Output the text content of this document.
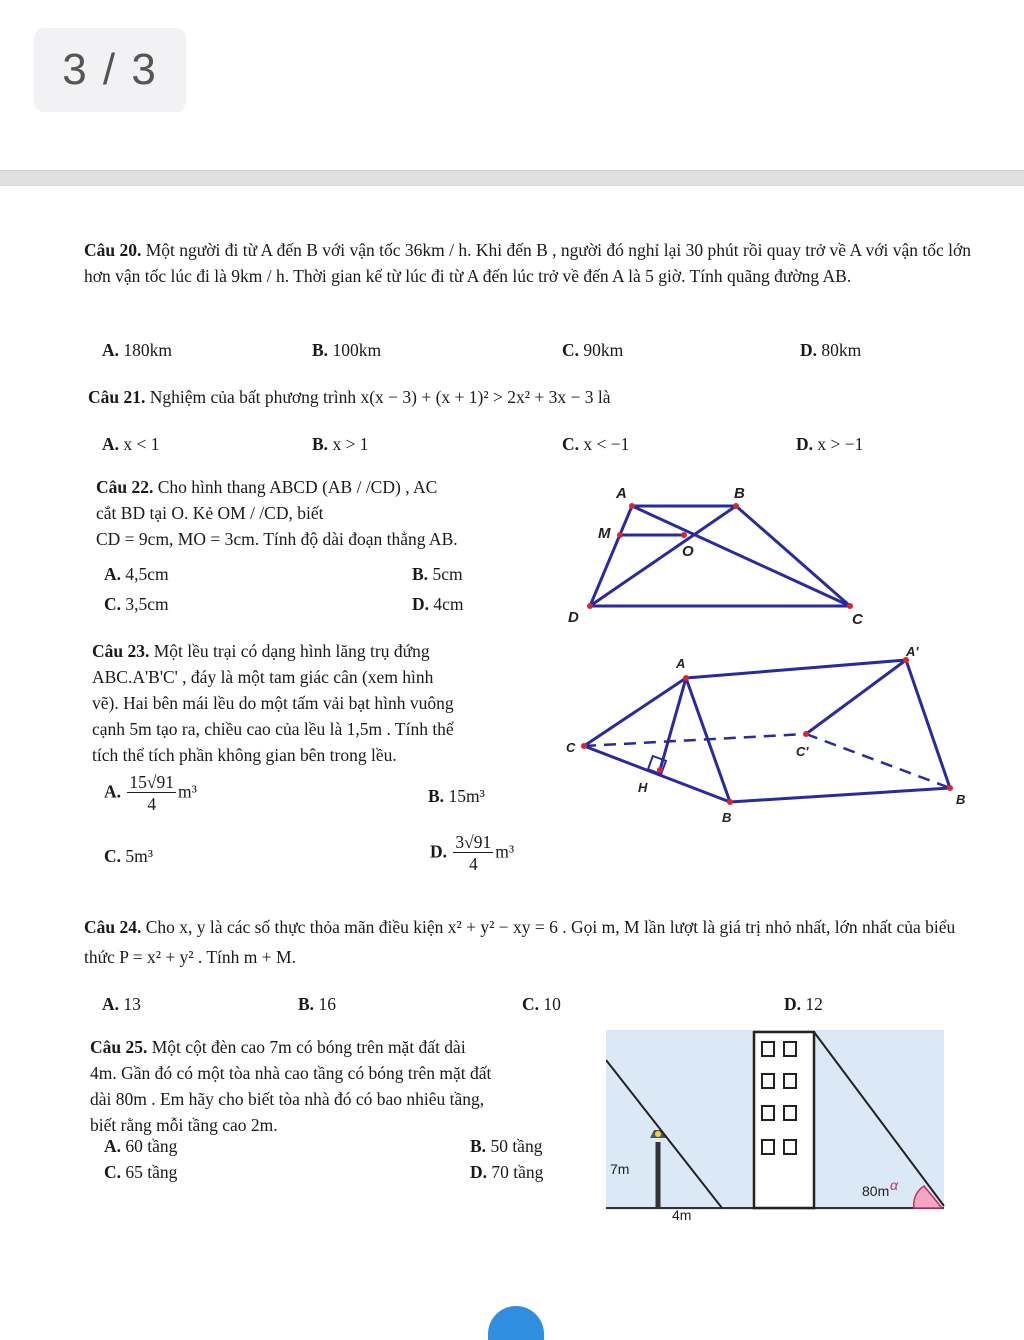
3 / 3
Câu 20. Một người đi từ A đến B với vận tốc 36km / h. Khi đến B , người đó nghỉ lại 30 phút rồi quay trở về A với vận tốc lớn hơn vận tốc lúc đi là 9km / h. Thời gian kể từ lúc đi từ A đến lúc trở về đến A là 5 giờ. Tính quãng đường AB.
A. 180km	B. 100km	C. 90km	D. 80km
Câu 21. Nghiệm của bất phương trình x(x − 3) + (x + 1)² > 2x² + 3x − 3 là
A. x < 1	B. x > 1	C. x < −1	D. x > −1
Câu 22. Cho hình thang ABCD (AB / /CD) , AC
cắt BD tại O. Kẻ OM / /CD, biết
CD = 9cm, MO = 3cm. Tính độ dài đoạn thẳng AB.
A. 4,5cm	B. 5cm
C. 3,5cm	D. 4cm
A	B
D	C
M
O
Câu 23. Một lều trại có dạng hình lăng trụ đứng
ABC.A'B'C' , đáy là một tam giác cân (xem hình
vẽ). Hai bên mái lều do một tấm vải bạt hình vuông
cạnh 5m tạo ra, chiều cao của lều là 1,5m . Tính thể
tích thể tích phần không gian bên trong lều.
A. $\frac{15√91}{4} m^3$	B. 15m³
C. 5m³	D. $\frac{3√91}{4} m^3$
A
A'
C	C'
H
B
B
Câu 24. Cho x, y là các số thực thỏa mãn điều kiện x² + y² − xy = 6 . Gọi m, M lần lượt là giá trị nhỏ nhất, lớn nhất của biểu thức P = x² + y² . Tính m + M.
A. 13	B. 16	C. 10	D. 12
Câu 25. Một cột đèn cao 7m có bóng trên mặt đất dài
4m. Gần đó có một tòa nhà cao tầng có bóng trên mặt đất
dài 80m . Em hãy cho biết tòa nhà đó có bao nhiêu tầng,
biết rằng mỗi tầng cao 2m.
A. 60 tầng	B. 50 tầng
C. 65 tầng	D. 70 tầng	7m
4m
80m α
